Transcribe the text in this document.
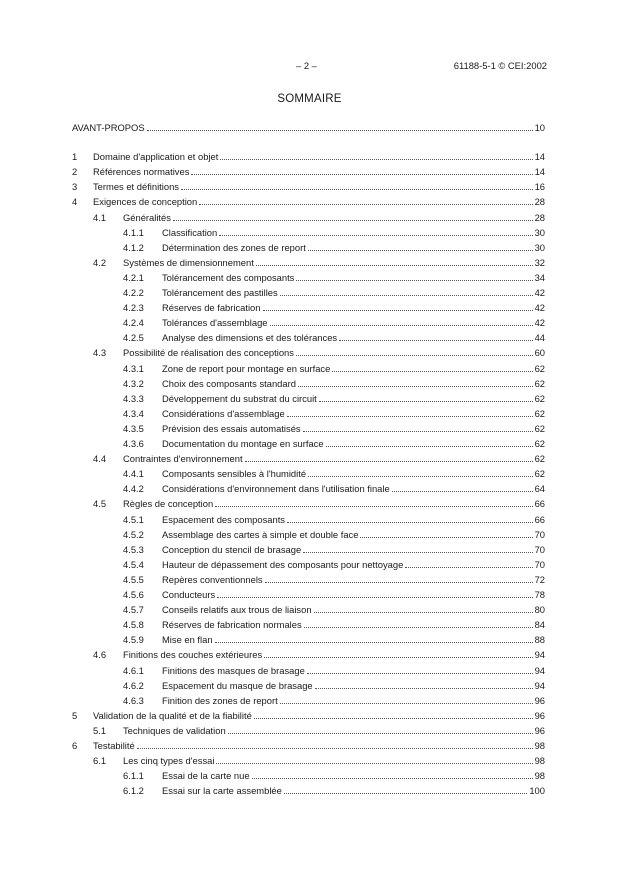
– 2 –	61188-5-1 © CEI:2002
SOMMAIRE
AVANT-PROPOS	10
1 Domaine d'application et objet	14
2 Références normatives	14
3 Termes et définitions	16
4 Exigences de conception	28
4.1 Généralités	28
4.1.1 Classification	30
4.1.2 Détermination des zones de report	30
4.2 Systèmes de dimensionnement	32
4.2.1 Tolérancement des composants	34
4.2.2 Tolérancement des pastilles	42
4.2.3 Réserves de fabrication	42
4.2.4 Tolérances d'assemblage	42
4.2.5 Analyse des dimensions et des tolérances	44
4.3 Possibilité de réalisation des conceptions	60
4.3.1 Zone de report pour montage en surface	62
4.3.2 Choix des composants standard	62
4.3.3 Développement du substrat du circuit	62
4.3.4 Considérations d'assemblage	62
4.3.5 Prévision des essais automatisés	62
4.3.6 Documentation du montage en surface	62
4.4 Contraintes d'environnement	62
4.4.1 Composants sensibles à l'humidité	62
4.4.2 Considérations d'environnement dans l'utilisation finale	64
4.5 Règles de conception	66
4.5.1 Espacement des composants	66
4.5.2 Assemblage des cartes à simple et double face	70
4.5.3 Conception du stencil de brasage	70
4.5.4 Hauteur de dépassement des composants pour nettoyage	70
4.5.5 Repères conventionnels	72
4.5.6 Conducteurs	78
4.5.7 Conseils relatifs aux trous de liaison	80
4.5.8 Réserves de fabrication normales	84
4.5.9 Mise en flan	88
4.6 Finitions des couches extérieures	94
4.6.1 Finitions des masques de brasage	94
4.6.2 Espacement du masque de brasage	94
4.6.3 Finition des zones de report	96
5 Validation de la qualité et de la fiabilité	96
5.1 Techniques de validation	96
6 Testabilité	98
6.1 Les cinq types d'essai	98
6.1.1 Essai de la carte nue	98
6.1.2 Essai sur la carte assemblée	100
